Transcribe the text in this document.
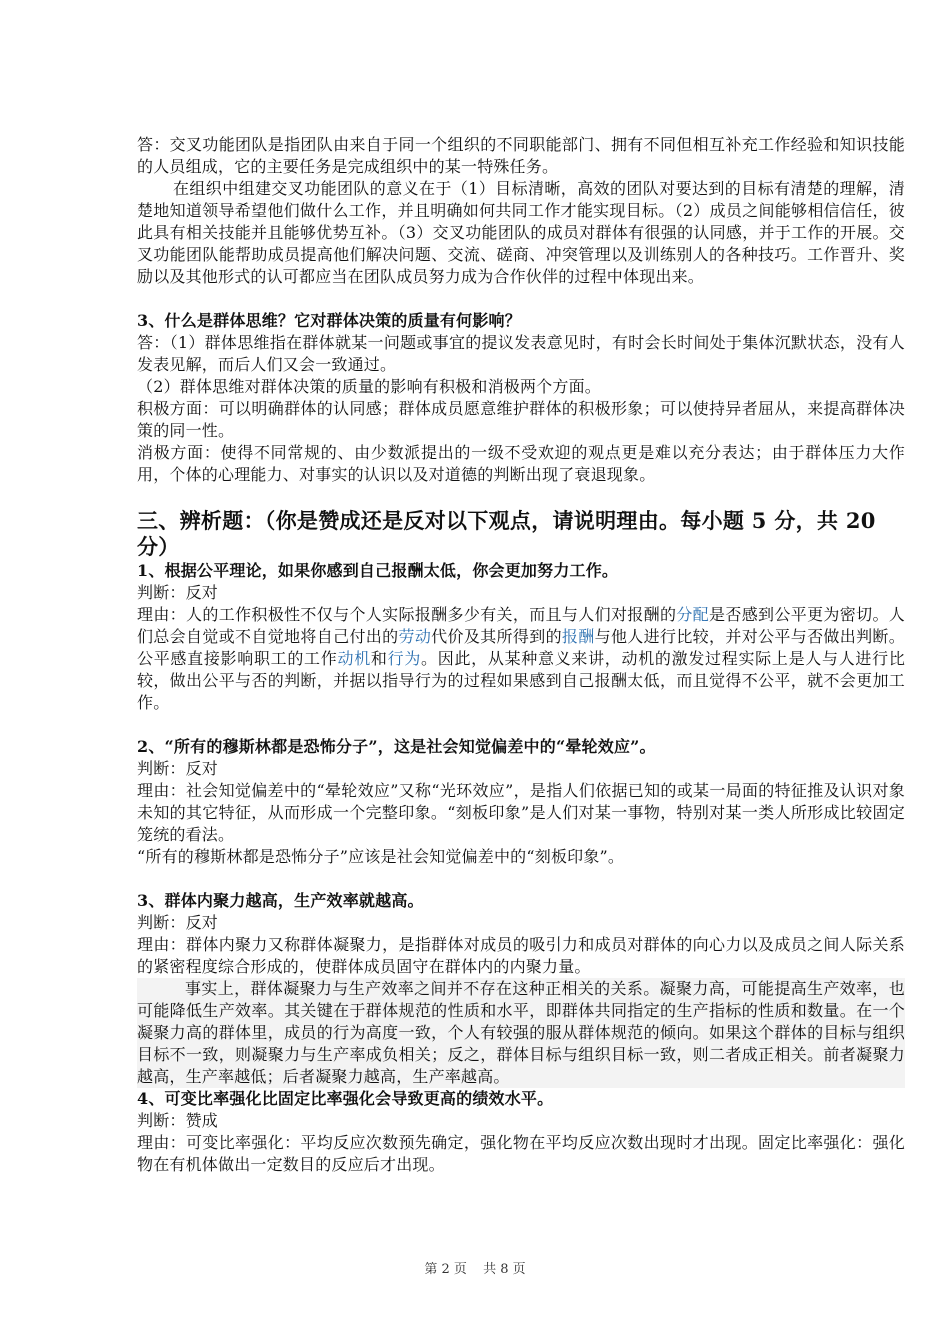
答：交叉功能团队是指团队由来自于同一个组织的不同职能部门、拥有不同但相互补充工作经验和知识技能的人员组成，它的主要任务是完成组织中的某一特殊任务。

在组织中组建交叉功能团队的意义在于（1）目标清晰，高效的团队对要达到的目标有清楚的理解，清楚地知道领导希望他们做什么工作，并且明确如何共同工作才能实现目标。（2）成员之间能够相信信任，彼此具有相关技能并且能够优势互补。（3）交叉功能团队的成员对群体有很强的认同感，并于工作的开展。交叉功能团队能帮助成员提高他们解决问题、交流、磋商、冲突管理以及训练别人的各种技巧。工作晋升、奖励以及其他形式的认可都应当在团队成员努力成为合作伙伴的过程中体现出来。

3、什么是群体思维？它对群体决策的质量有何影响？

答：（1）群体思维指在群体就某一问题或事宜的提议发表意见时，有时会长时间处于集体沉默状态，没有人发表见解，而后人们又会一致通过。

（2）群体思维对群体决策的质量的影响有积极和消极两个方面。

积极方面：可以明确群体的认同感；群体成员愿意维护群体的积极形象；可以使持异者屈从，来提高群体决策的同一性。

消极方面：使得不同常规的、由少数派提出的一级不受欢迎的观点更是难以充分表达；由于群体压力大作用，个体的心理能力、对事实的认识以及对道德的判断出现了衰退现象。

三、辨析题：（你是赞成还是反对以下观点，请说明理由。每小题 5 分，共 20 分）

1、根据公平理论，如果你感到自己报酬太低，你会更加努力工作。

判断：反对

理由：人的工作积极性不仅与个人实际报酬多少有关，而且与人们对报酬的分配是否感到公平更为密切。人们总会自觉或不自觉地将自己付出的劳动代价及其所得到的报酬与他人进行比较，并对公平与否做出判断。公平感直接影响职工的工作动机和行为。因此，从某种意义来讲，动机的激发过程实际上是人与人进行比较，做出公平与否的判断，并据以指导行为的过程如果感到自己报酬太低，而且觉得不公平，就不会更加工作。

2、“所有的穆斯林都是恐怖分子”，这是社会知觉偏差中的“晕轮效应”。

判断：反对

理由：社会知觉偏差中的“晕轮效应”又称“光环效应”，是指人们依据已知的或某一局面的特征推及认识对象未知的其它特征，从而形成一个完整印象。“刻板印象”是人们对某一事物，特别对某一类人所形成比较固定笼统的看法。

“所有的穆斯林都是恐怖分子”应该是社会知觉偏差中的“刻板印象”。

3、群体内聚力越高，生产效率就越高。

判断：反对

理由：群体内聚力又称群体凝聚力，是指群体对成员的吸引力和成员对群体的向心力以及成员之间人际关系的紧密程度综合形成的，使群体成员固守在群体内的内聚力量。

事实上，群体凝聚力与生产效率之间并不存在这种正相关的关系。凝聚力高，可能提高生产效率，也可能降低生产效率。其关键在于群体规范的性质和水平，即群体共同指定的生产指标的性质和数量。在一个凝聚力高的群体里，成员的行为高度一致，个人有较强的服从群体规范的倾向。如果这个群体的目标与组织目标不一致，则凝聚力与生产率成负相关；反之，群体目标与组织目标一致，则二者成正相关。前者凝聚力越高，生产率越低；后者凝聚力越高，生产率越高。

4、可变比率强化比固定比率强化会导致更高的绩效水平。

判断：赞成

理由：可变比率强化：平均反应次数预先确定，强化物在平均反应次数出现时才出现。固定比率强化：强化物在有机体做出一定数目的反应后才出现。

第 2 页 共 8 页
